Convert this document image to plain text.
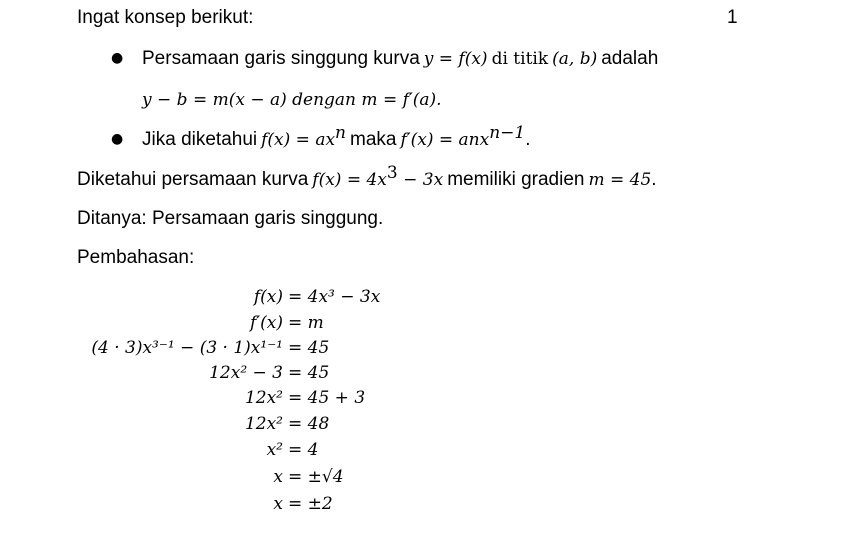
Ingat konsep berikut:	1
● Persamaan garis singgung kurva y = f(x) di titik (a, b) adalah
y − b = m(x − a) dengan m = f′(a).
● Jika diketahui $f(x) = ax^n$ maka f′(x) = anx$^{n-1}$.
Diketahui persamaan kurva $f(x) = 4x^3 - 3x$ memiliki gradien m = 45.
Ditanya: Persamaan garis singgung.
Pembahasan:
f(x) = 4x³ − 3x
f′(x) = m
(4 · 3)x³⁻¹ − (3 · 1)x¹⁻¹ = 45
12x² − 3 = 45
12x² = 45 + 3
12x² = 48
x² = 4
x = ±√4
x = ±2
